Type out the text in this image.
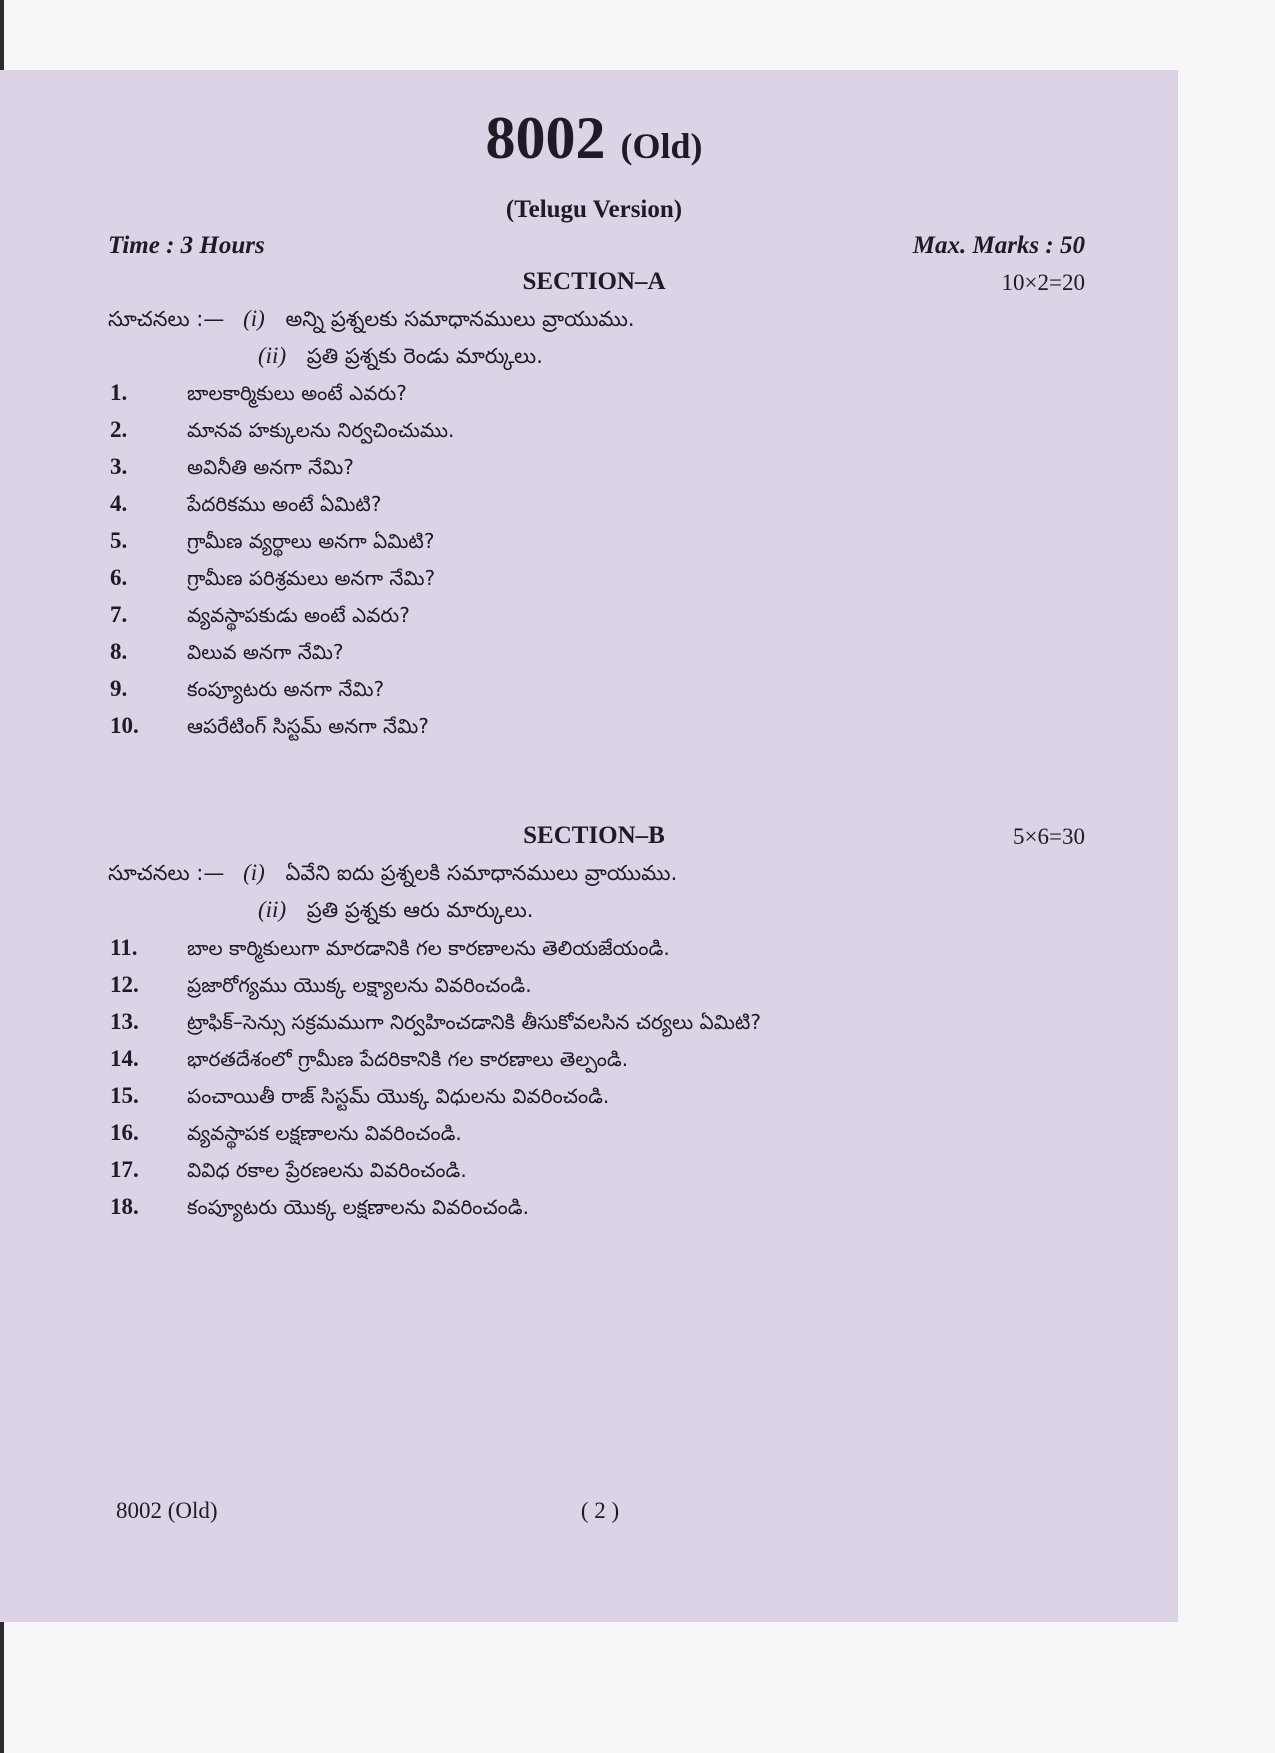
8002 (Old)
(Telugu Version)
Time : 3 Hours	Max. Marks : 50
SECTION–A	10×2=20
సూచనలు :— (i) అన్ని ప్రశ్నలకు సమాధానములు వ్రాయుము.
(ii) ప్రతి ప్రశ్నకు రెండు మార్కులు.
1.	బాలకార్మికులు అంటే ఎవరు?
2.	మానవ హక్కులను నిర్వచించుము.
3.	అవినీతి అనగా నేమి?
4.	పేదరికము అంటే ఏమిటి?
5.	గ్రామీణ వ్యర్థాలు అనగా ఏమిటి?
6.	గ్రామీణ పరిశ్రమలు అనగా నేమి?
7.	వ్యవస్థాపకుడు అంటే ఎవరు?
8.	విలువ అనగా నేమి?
9.	కంప్యూటరు అనగా నేమి?
10. ఆపరేటింగ్ సిస్టమ్ అనగా నేమి?
SECTION–B	5×6=30
సూచనలు :— (i) ఏవేని ఐదు ప్రశ్నలకి సమాధానములు వ్రాయుము.
(ii) ప్రతి ప్రశ్నకు ఆరు మార్కులు.
11. బాల కార్మికులుగా మారడానికి గల కారణాలను తెలియజేయండి.
12. ప్రజారోగ్యము యొక్క లక్ష్యాలను వివరించండి.
13. ట్రాఫిక్–సెన్సు సక్రమముగా నిర్వహించడానికి తీసుకోవలసిన చర్యలు ఏమిటి?
14. భారతదేశంలో గ్రామీణ పేదరికానికి గల కారణాలు తెల్పండి.
15. పంచాయితీ రాజ్ సిస్టమ్ యొక్క విధులను వివరించండి.
16. వ్యవస్థాపక లక్షణాలను వివరించండి.
17. వివిధ రకాల ప్రేరణలను వివరించండి.
18. కంప్యూటరు యొక్క లక్షణాలను వివరించండి.
8002 (Old)	( 2 )
